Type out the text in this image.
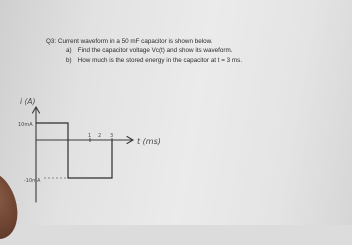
Q3: Current waveform in a 50 mF capacitor is shown below.
a) Find the capacitor voltage Vc(t) and show its waveform.
b) How much is the stored energy in the capacitor at t = 3 ms.
i (A)
10mA
-10mA
1 2 3
t (ms)
